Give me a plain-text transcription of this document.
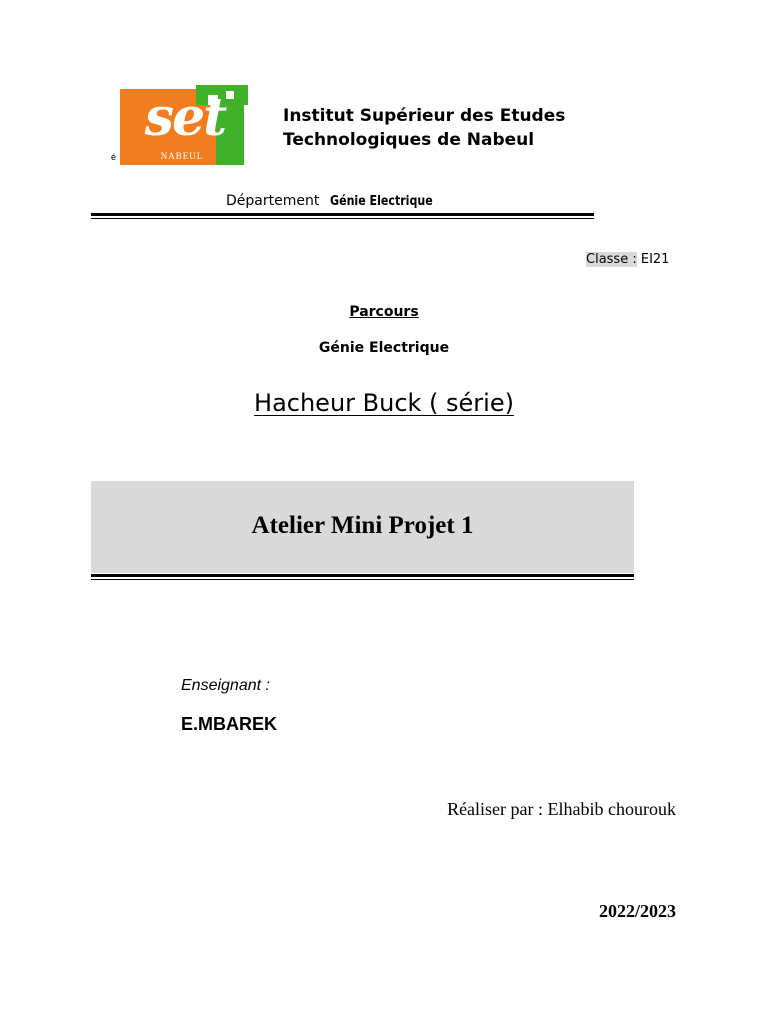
set
NABEUL
é
Institut Supérieur des Etudes
Technologiques de Nabeul
Département Génie Electrique
Classe : EI21
Parcours
Génie Electrique
Hacheur Buck ( série)
Atelier Mini Projet 1
Enseignant :
E.MBAREK
Réaliser par : Elhabib chourouk
2022/2023
